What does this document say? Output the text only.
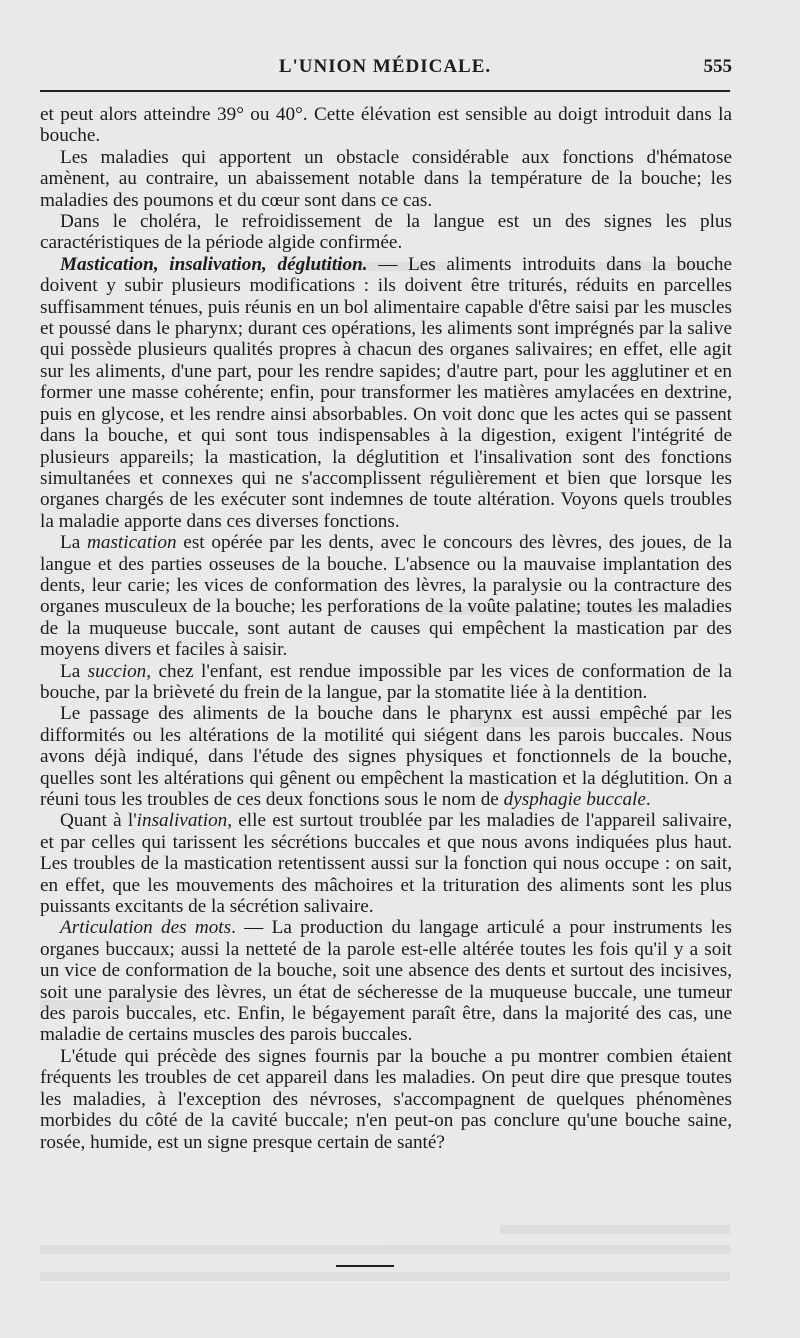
L'UNION MÉDICALE.	555

et peut alors atteindre 39° ou 40°. Cette élévation est sensible au doigt introduit dans la bouche.

Les maladies qui apportent un obstacle considérable aux fonctions d'hématose amènent, au contraire, un abaissement notable dans la température de la bouche; les maladies des poumons et du cœur sont dans ce cas.

Dans le choléra, le refroidissement de la langue est un des signes les plus caractéristiques de la période algide confirmée.

Mastication, insalivation, déglutition. — Les aliments introduits dans la bouche doivent y subir plusieurs modifications : ils doivent être triturés, réduits en parcelles suffisamment ténues, puis réunis en un bol alimentaire capable d'être saisi par les muscles et poussé dans le pharynx; durant ces opérations, les aliments sont imprégnés par la salive qui possède plusieurs qualités propres à chacun des organes salivaires; en effet, elle agit sur les aliments, d'une part, pour les rendre sapides; d'autre part, pour les agglutiner et en former une masse cohérente; enfin, pour transformer les matières amylacées en dextrine, puis en glycose, et les rendre ainsi absorbables. On voit donc que les actes qui se passent dans la bouche, et qui sont tous indispensables à la digestion, exigent l'intégrité de plusieurs appareils; la mastication, la déglutition et l'insalivation sont des fonctions simultanées et connexes qui ne s'accomplissent régulièrement et bien que lorsque les organes chargés de les exécuter sont indemnes de toute altération. Voyons quels troubles la maladie apporte dans ces diverses fonctions.

La mastication est opérée par les dents, avec le concours des lèvres, des joues, de la langue et des parties osseuses de la bouche. L'absence ou la mauvaise implantation des dents, leur carie; les vices de conformation des lèvres, la paralysie ou la contracture des organes musculeux de la bouche; les perforations de la voûte palatine; toutes les maladies de la muqueuse buccale, sont autant de causes qui empêchent la mastication par des moyens divers et faciles à saisir.

La succion, chez l'enfant, est rendue impossible par les vices de conformation de la bouche, par la brièveté du frein de la langue, par la stomatite liée à la dentition.

Le passage des aliments de la bouche dans le pharynx est aussi empêché par les difformités ou les altérations de la motilité qui siégent dans les parois buccales. Nous avons déjà indiqué, dans l'étude des signes physiques et fonctionnels de la bouche, quelles sont les altérations qui gênent ou empêchent la mastication et la déglutition. On a réuni tous les troubles de ces deux fonctions sous le nom de dysphagie buccale.

Quant à l'insalivation, elle est surtout troublée par les maladies de l'appareil salivaire, et par celles qui tarissent les sécrétions buccales et que nous avons indiquées plus haut. Les troubles de la mastication retentissent aussi sur la fonction qui nous occupe : on sait, en effet, que les mouvements des mâchoires et la trituration des aliments sont les plus puissants excitants de la sécrétion salivaire.

Articulation des mots. — La production du langage articulé a pour instruments les organes buccaux; aussi la netteté de la parole est-elle altérée toutes les fois qu'il y a soit un vice de conformation de la bouche, soit une absence des dents et surtout des incisives, soit une paralysie des lèvres, un état de sécheresse de la muqueuse buccale, une tumeur des parois buccales, etc. Enfin, le bégayement paraît être, dans la majorité des cas, une maladie de certains muscles des parois buccales.

L'étude qui précède des signes fournis par la bouche a pu montrer combien étaient fréquents les troubles de cet appareil dans les maladies. On peut dire que presque toutes les maladies, à l'exception des névroses, s'accompagnent de quelques phénomènes morbides du côté de la cavité buccale; n'en peut-on pas conclure qu'une bouche saine, rosée, humide, est un signe presque certain de santé?
